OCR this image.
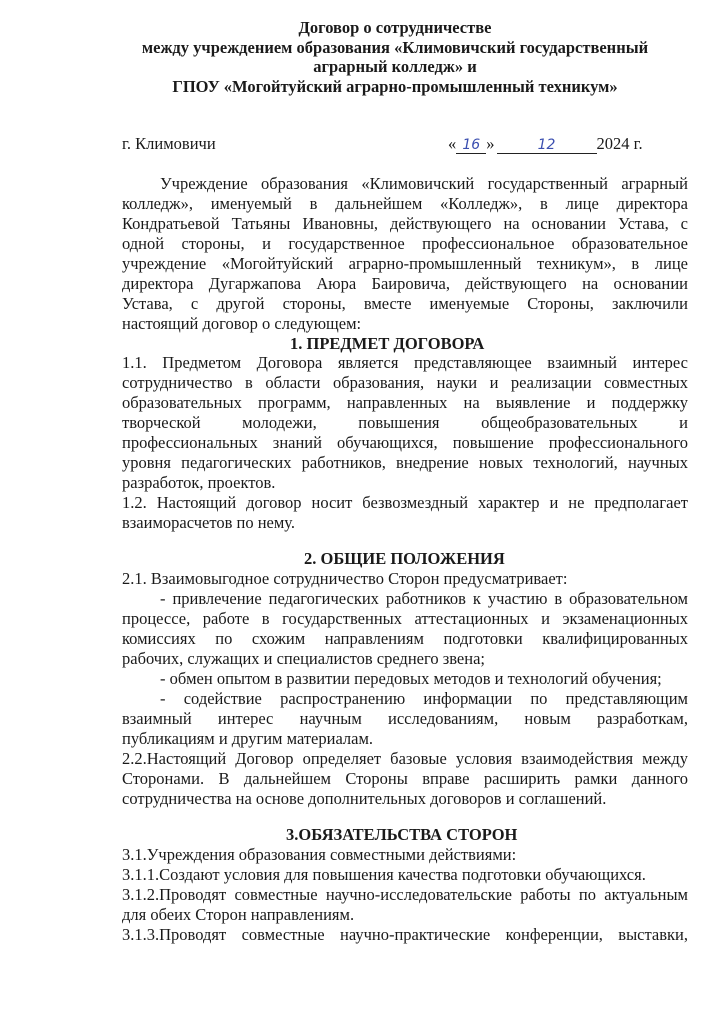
Договор о сотрудничестве
между учреждением образования «Климовичский государственный
аграрный колледж» и
ГПОУ «Могойтуйский аграрно-промышленный техникум»
г. Климовичи	« 16 »	12 2024 г.
Учреждение образования «Климовичский государственный аграрный
колледж», именуемый в дальнейшем «Колледж», в лице директора
Кондратьевой Татьяны Ивановны, действующего на основании Устава, с
одной стороны, и государственное профессиональное образовательное
учреждение «Могойтуйский аграрно-промышленный техникум», в лице
директора Дугаржапова Аюра Баировича, действующего на основании
Устава, с другой стороны, вместе именуемые Стороны, заключили
настоящий договор о следующем:
1. ПРЕДМЕТ ДОГОВОРА
1.1. Предметом Договора является представляющее взаимный интерес
сотрудничество в области образования, науки и реализации совместных
образовательных программ, направленных на выявление и поддержку
творческой молодежи, повышения общеобразовательных и
профессиональных знаний обучающихся, повышение профессионального
уровня педагогических работников, внедрение новых технологий, научных
разработок, проектов.
1.2. Настоящий договор носит безвозмездный характер и не предполагает
взаиморасчетов по нему.
2. ОБЩИЕ ПОЛОЖЕНИЯ
2.1. Взаимовыгодное сотрудничество Сторон предусматривает:
- привлечение педагогических работников к участию в образовательном
процессе, работе в государственных аттестационных и экзаменационных
комиссиях по схожим направлениям подготовки квалифицированных
рабочих, служащих и специалистов среднего звена;
- обмен опытом в развитии передовых методов и технологий обучения;
- содействие распространению информации по представляющим
взаимный интерес научным исследованиям, новым разработкам,
публикациям и другим материалам.
2.2.Настоящий Договор определяет базовые условия взаимодействия между
Сторонами. В дальнейшем Стороны вправе расширить рамки данного
сотрудничества на основе дополнительных договоров и соглашений.
3.ОБЯЗАТЕЛЬСТВА СТОРОН
3.1.Учреждения образования совместными действиями:
3.1.1.Создают условия для повышения качества подготовки обучающихся.
3.1.2.Проводят совместные научно-исследовательские работы по актуальным
для обеих Сторон направлениям.
3.1.3.Проводят совместные научно-практические конференции, выставки,
